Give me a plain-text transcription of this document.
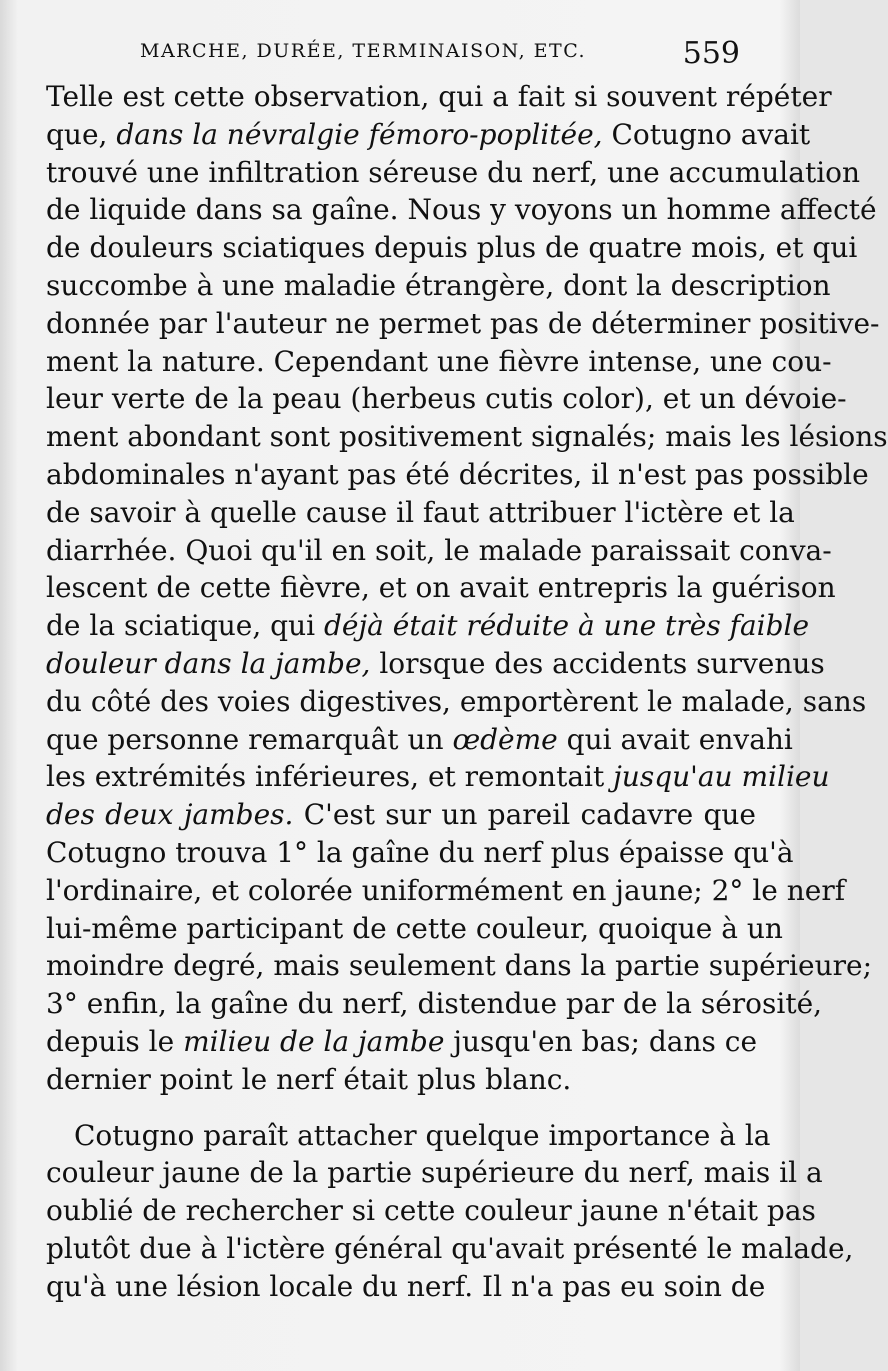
MARCHE, DURÉE, TERMINAISON, ETC.	559
Telle est cette observation, qui a fait si souvent répéter
que, dans la névralgie fémoro-poplitée, Cotugno avait
trouvé une infiltration séreuse du nerf, une accumulation
de liquide dans sa gaîne. Nous y voyons un homme affecté
de douleurs sciatiques depuis plus de quatre mois, et qui
succombe à une maladie étrangère, dont la description
donnée par l'auteur ne permet pas de déterminer positive-
ment la nature. Cependant une fièvre intense, une cou-
leur verte de la peau (herbeus cutis color), et un dévoie-
ment abondant sont positivement signalés; mais les lésions
abdominales n'ayant pas été décrites, il n'est pas possible
de savoir à quelle cause il faut attribuer l'ictère et la
diarrhée. Quoi qu'il en soit, le malade paraissait conva-
lescent de cette fièvre, et on avait entrepris la guérison
de la sciatique, qui déjà était réduite à une très faible
douleur dans la jambe, lorsque des accidents survenus
du côté des voies digestives, emportèrent le malade, sans
que personne remarquât un œdème qui avait envahi
les extrémités inférieures, et remontait jusqu'au milieu
des deux jambes. C'est sur un pareil cadavre que
Cotugno trouva 1° la gaîne du nerf plus épaisse qu'à
l'ordinaire, et colorée uniformément en jaune; 2° le nerf
lui-même participant de cette couleur, quoique à un
moindre degré, mais seulement dans la partie supérieure;
3° enfin, la gaîne du nerf, distendue par de la sérosité,
depuis le milieu de la jambe jusqu'en bas; dans ce
dernier point le nerf était plus blanc.
Cotugno paraît attacher quelque importance à la
couleur jaune de la partie supérieure du nerf, mais il a
oublié de rechercher si cette couleur jaune n'était pas
plutôt due à l'ictère général qu'avait présenté le malade,
qu'à une lésion locale du nerf. Il n'a pas eu soin de
